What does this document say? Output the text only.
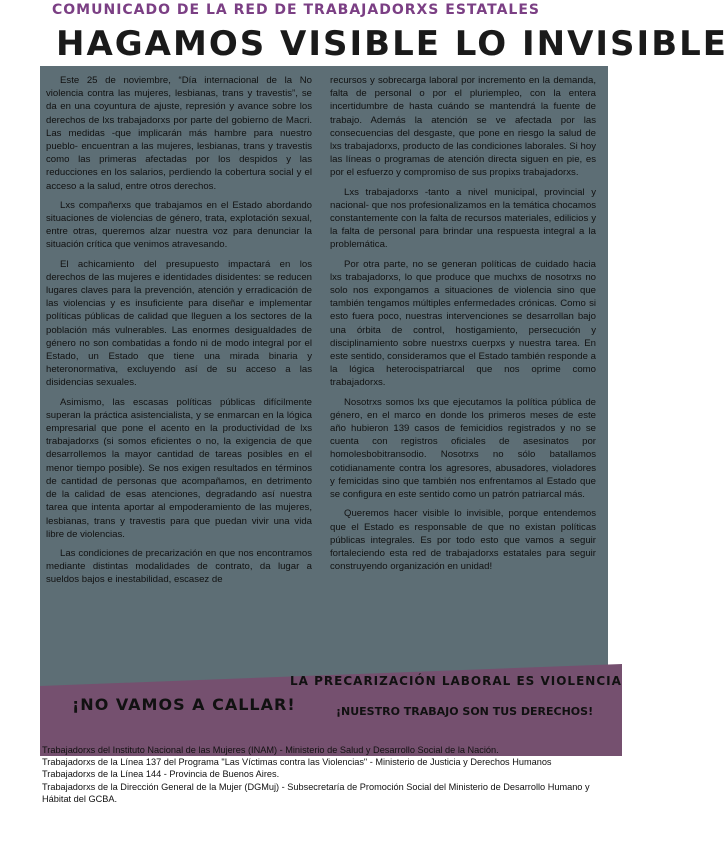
COMUNICADO DE LA RED DE TRABAJADORXS ESTATALES
HAGAMOS VISIBLE LO INVISIBLE

Este 25 de noviembre, “Día internacional de la No violencia contra las mujeres, lesbianas, trans y travestis”, se da en una coyuntura de ajuste, represión y avance sobre los derechos de lxs trabajadorxs por parte del gobierno de Macri. Las medidas -que implicarán más hambre para nuestro pueblo- encuentran a las mujeres, lesbianas, trans y travestis como las primeras afectadas por los despidos y las reducciones en los salarios, perdiendo la cobertura social y el acceso a la salud, entre otros derechos.

Lxs compañerxs que trabajamos en el Estado abordando situaciones de violencias de género, trata, explotación sexual, entre otras, queremos alzar nuestra voz para denunciar la situación crítica que venimos atravesando.

El achicamiento del presupuesto impactará en los derechos de las mujeres e identidades disidentes: se reducen lugares claves para la prevención, atención y erradicación de las violencias y es insuficiente para diseñar e implementar políticas públicas de calidad que lleguen a los sectores de la población más vulnerables. Las enormes desigualdades de género no son combatidas a fondo ni de modo integral por el Estado, un Estado que tiene una mirada binaria y heteronormativa, excluyendo así de su acceso a las disidencias sexuales.

Asimismo, las escasas políticas públicas difícilmente superan la práctica asistencialista, y se enmarcan en la lógica empresarial que pone el acento en la productividad de lxs trabajadorxs (si somos eficientes o no, la exigencia de que desarrollemos la mayor cantidad de tareas posibles en el menor tiempo posible). Se nos exigen resultados en términos de cantidad de personas que acompañamos, en detrimento de la calidad de esas atenciones, degradando así nuestra tarea que intenta aportar al empoderamiento de las mujeres, lesbianas, trans y travestis para que puedan vivir una vida libre de violencias.

Las condiciones de precarización en que nos encontramos mediante distintas modalidades de contrato, da lugar a sueldos bajos e inestabilidad, escasez de

recursos y sobrecarga laboral por incremento en la demanda, falta de personal o por el pluriempleo, con la entera incertidumbre de hasta cuándo se mantendrá la fuente de trabajo. Además la atención se ve afectada por las consecuencias del desgaste, que pone en riesgo la salud de lxs trabajadorxs, producto de las condiciones laborales. Si hoy las líneas o programas de atención directa siguen en pie, es por el esfuerzo y compromiso de sus propixs trabajadorxs.

Lxs trabajadorxs -tanto a nivel municipal, provincial y nacional- que nos profesionalizamos en la temática chocamos constantemente con la falta de recursos materiales, edilicios y la falta de personal para brindar una respuesta integral a la problemática.

Por otra parte, no se generan políticas de cuidado hacia lxs trabajadorxs, lo que produce que muchxs de nosotrxs no solo nos expongamos a situaciones de violencia sino que también tengamos múltiples enfermedades crónicas. Como si esto fuera poco, nuestras intervenciones se desarrollan bajo una órbita de control, hostigamiento, persecución y disciplinamiento sobre nuestrxs cuerpxs y nuestra tarea. En este sentido, consideramos que el Estado también responde a la lógica heterocispatriarcal que nos oprime como trabajadorxs.

Nosotrxs somos lxs que ejecutamos la política pública de género, en el marco en donde los primeros meses de este año hubieron 139 casos de femicidios registrados y no se cuenta con registros oficiales de asesinatos por homolesbobitransodio. Nosotrxs no sólo batallamos cotidianamente contra los agresores, abusadores, violadores y femicidas sino que también nos enfrentamos al Estado que se configura en este sentido como un patrón patriarcal más.

Queremos hacer visible lo invisible, porque entendemos que el Estado es responsable de que no existan políticas públicas integrales. Es por todo esto que vamos a seguir fortaleciendo esta red de trabajadorxs estatales para seguir construyendo organización en unidad!

LA PRECARIZACIÓN LABORAL ES VIOLENCIA
¡NO VAMOS A CALLAR!	¡NUESTRO TRABAJO SON TUS DERECHOS!
Trabajadorxs del Instituto Nacional de las Mujeres (INAM) - Ministerio de Salud y Desarrollo Social de la Nación.
Trabajadorxs de la Línea 137 del Programa "Las Víctimas contra las Violencias" - Ministerio de Justicia y Derechos Humanos
Trabajadorxs de la Línea 144 - Provincia de Buenos Aires.
Trabajadorxs de la Dirección General de la Mujer (DGMuj) - Subsecretaría de Promoción Social del Ministerio de Desarrollo Humano y Hábitat del GCBA.
